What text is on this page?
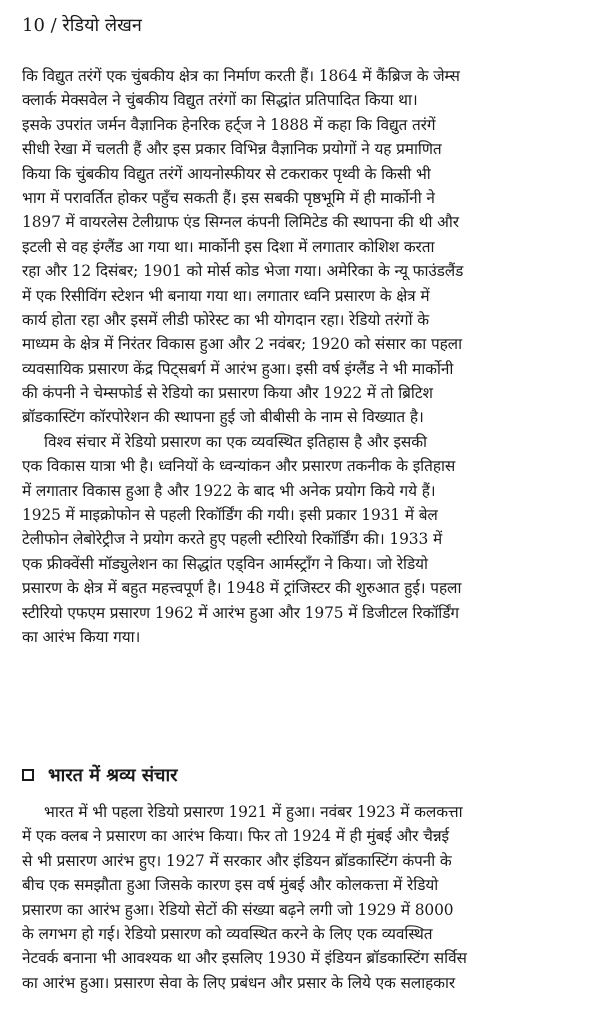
10 / रेडियो लेखन
कि विद्युत तरंगें एक चुंबकीय क्षेत्र का निर्माण करती हैं। 1864 में कैंब्रिज के जेम्स
क्लार्क मेक्सवेल ने चुंबकीय विद्युत तरंगों का सिद्धांत प्रतिपादित किया था।
इसके उपरांत जर्मन वैज्ञानिक हेनरिक हर्ट्ज ने 1888 में कहा कि विद्युत तरंगें
सीधी रेखा में चलती हैं और इस प्रकार विभिन्न वैज्ञानिक प्रयोगों ने यह प्रमाणित
किया कि चुंबकीय विद्युत तरंगें आयनोस्फीयर से टकराकर पृथ्वी के किसी भी
भाग में परावर्तित होकर पहुँच सकती हैं। इस सबकी पृष्ठभूमि में ही मार्कोनी ने
1897 में वायरलेस टेलीग्राफ एंड सिग्नल कंपनी लिमिटेड की स्थापना की थी और
इटली से वह इंग्लैंड आ गया था। मार्कोनी इस दिशा में लगातार कोशिश करता
रहा और 12 दिसंबर; 1901 को मोर्स कोड भेजा गया। अमेरिका के न्यू फाउंडलैंड
में एक रिसीविंग स्टेशन भी बनाया गया था। लगातार ध्वनि प्रसारण के क्षेत्र में
कार्य होता रहा और इसमें लीडी फोरेस्ट का भी योगदान रहा। रेडियो तरंगों के
माध्यम के क्षेत्र में निरंतर विकास हुआ और 2 नवंबर; 1920 को संसार का पहला
व्यवसायिक प्रसारण केंद्र पिट्सबर्ग में आरंभ हुआ। इसी वर्ष इंग्लैंड ने भी मार्कोनी
की कंपनी ने चेम्सफोर्ड से रेडियो का प्रसारण किया और 1922 में तो ब्रिटिश
ब्रॉडकास्टिंग कॉरपोरेशन की स्थापना हुई जो बीबीसी के नाम से विख्यात है।
विश्व संचार में रेडियो प्रसारण का एक व्यवस्थित इतिहास है और इसकी
एक विकास यात्रा भी है। ध्वनियों के ध्वन्यांकन और प्रसारण तकनीक के इतिहास
में लगातार विकास हुआ है और 1922 के बाद भी अनेक प्रयोग किये गये हैं।
1925 में माइक्रोफोन से पहली रिकॉर्डिंग की गयी। इसी प्रकार 1931 में बेल
टेलीफोन लेबोरेट्रीज ने प्रयोग करते हुए पहली स्टीरियो रिकॉर्डिंग की। 1933 में
एक फ्रीक्वेंसी मॉड्युलेशन का सिद्धांत एड्विन आर्मस्ट्रॉंग ने किया। जो रेडियो
प्रसारण के क्षेत्र में बहुत महत्त्वपूर्ण है। 1948 में ट्रांजिस्टर की शुरुआत हुई। पहला
स्टीरियो एफएम प्रसारण 1962 में आरंभ हुआ और 1975 में डिजीटल रिकॉर्डिंग
का आरंभ किया गया।
भारत में श्रव्य संचार
भारत में भी पहला रेडियो प्रसारण 1921 में हुआ। नवंबर 1923 में कलकत्ता
में एक क्लब ने प्रसारण का आरंभ किया। फिर तो 1924 में ही मुंबई और चैन्नई
से भी प्रसारण आरंभ हुए। 1927 में सरकार और इंडियन ब्रॉडकास्टिंग कंपनी के
बीच एक समझौता हुआ जिसके कारण इस वर्ष मुंबई और कोलकत्ता में रेडियो
प्रसारण का आरंभ हुआ। रेडियो सेटों की संख्या बढ़ने लगी जो 1929 में 8000
के लगभग हो गई। रेडियो प्रसारण को व्यवस्थित करने के लिए एक व्यवस्थित
नेटवर्क बनाना भी आवश्यक था और इसलिए 1930 में इंडियन ब्रॉडकास्टिंग सर्विस
का आरंभ हुआ। प्रसारण सेवा के लिए प्रबंधन और प्रसार के लिये एक सलाहकार
